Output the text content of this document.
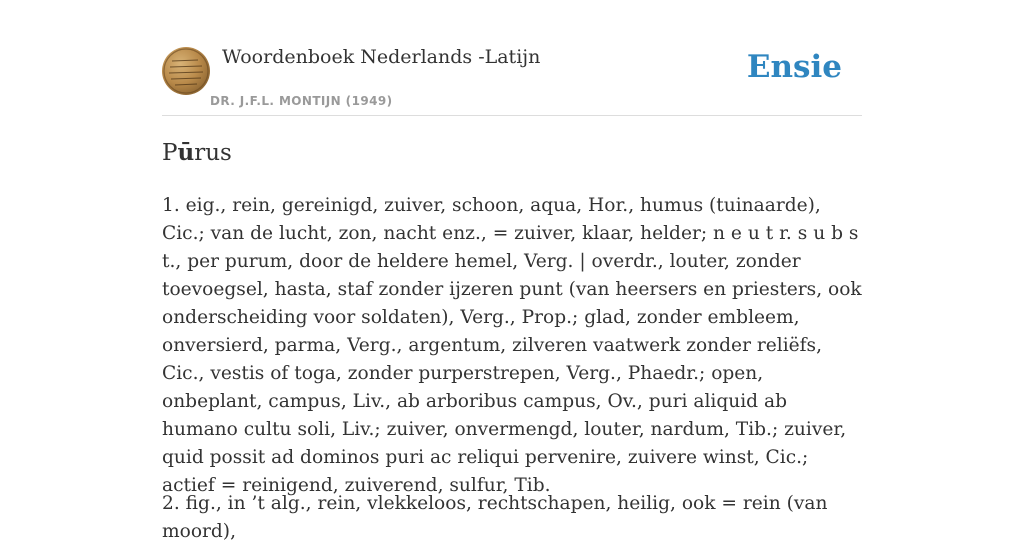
Woordenboek Nederlands -Latijn
DR. J.F.L. MONTIJN (1949)
Ensie
Pūrus

1. eig., rein, gereinigd, zuiver, schoon, aqua, Hor., humus (tuinaarde), Cic.; van de lucht, zon, nacht enz., = zuiver, klaar, helder; n e u t r. s u b s t., per purum, door de heldere hemel, Verg. | overdr., louter, zonder toevoegsel, hasta, staf zonder ijzeren punt (van heersers en priesters, ook onderscheiding voor soldaten), Verg., Prop.; glad, zonder embleem, onversierd, parma, Verg., argentum, zilveren vaatwerk zonder reliëfs, Cic., vestis of toga, zonder purperstrepen, Verg., Phaedr.; open, onbeplant, campus, Liv., ab arboribus campus, Ov., puri aliquid ab humano cultu soli, Liv.; zuiver, onvermengd, louter, nardum, Tib.; zuiver, quid possit ad dominos puri ac reliqui pervenire, zuivere winst, Cic.; actief = reinigend, zuiverend, sulfur, Tib.

2. fig., in ’t alg., rein, vlekkeloos, rechtschapen, heilig, ook = rein (van moord),
